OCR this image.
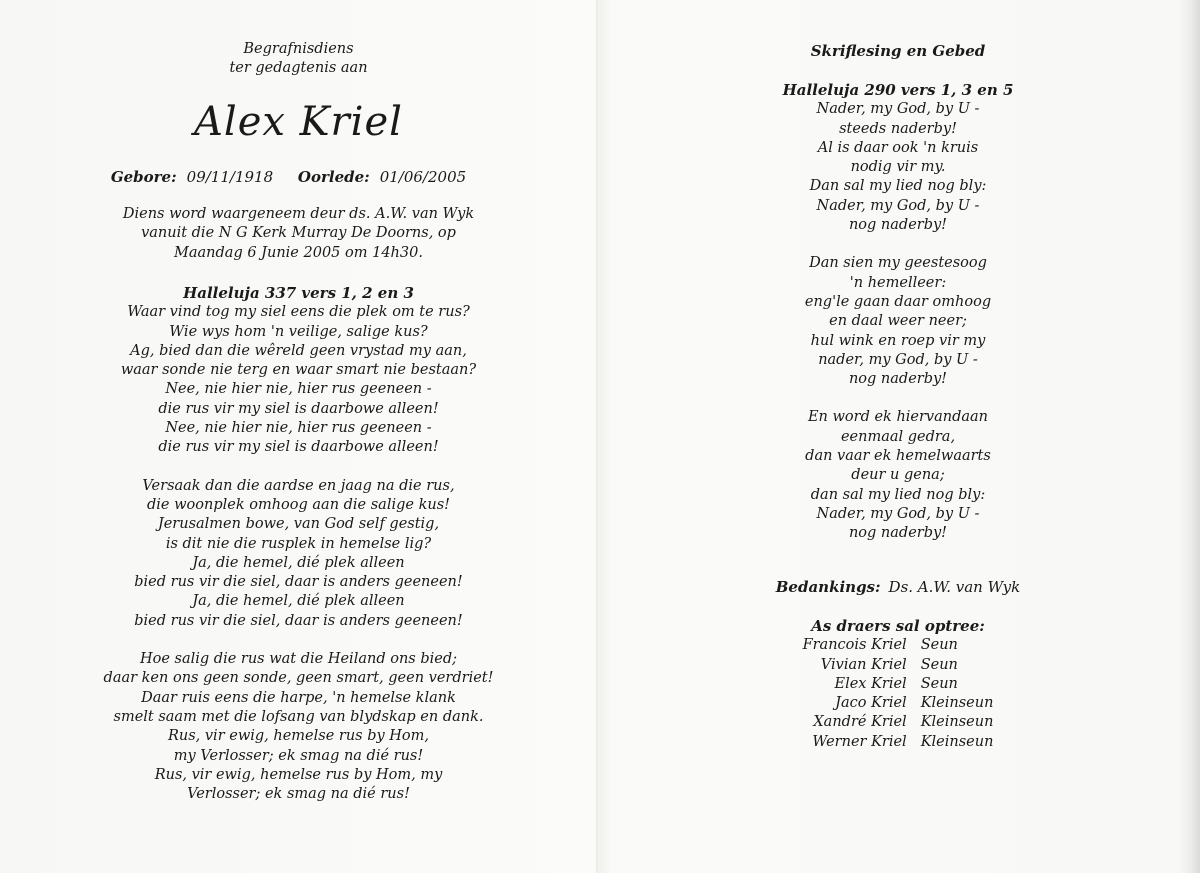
Begrafnisdiens
ter gedagtenis aan
Alex Kriel
Gebore: 09/11/1918 Oorlede: 01/06/2005
Diens word waargeneem deur ds. A.W. van Wyk
vanuit die N G Kerk Murray De Doorns, op
Maandag 6 Junie 2005 om 14h30.
Halleluja 337 vers 1, 2 en 3
Waar vind tog my siel eens die plek om te rus?
Wie wys hom 'n veilige, salige kus?
Ag, bied dan die wêreld geen vrystad my aan,
waar sonde nie terg en waar smart nie bestaan?
Nee, nie hier nie, hier rus geeneen -
die rus vir my siel is daarbowe alleen!
Nee, nie hier nie, hier rus geeneen -
die rus vir my siel is daarbowe alleen!
Versaak dan die aardse en jaag na die rus,
die woonplek omhoog aan die salige kus!
Jerusalmen bowe, van God self gestig,
is dit nie die rusplek in hemelse lig?
Ja, die hemel, dié plek alleen
bied rus vir die siel, daar is anders geeneen!
Ja, die hemel, dié plek alleen
bied rus vir die siel, daar is anders geeneen!
Hoe salig die rus wat die Heiland ons bied;
daar ken ons geen sonde, geen smart, geen verdriet!
Daar ruis eens die harpe, 'n hemelse klank
smelt saam met die lofsang van blydskap en dank.
Rus, vir ewig, hemelse rus by Hom,
my Verlosser; ek smag na dié rus!
Rus, vir ewig, hemelse rus by Hom, my
Verlosser; ek smag na dié rus!
Skriflesing en Gebed
Halleluja 290 vers 1, 3 en 5
Nader, my God, by U -
steeds naderby!
Al is daar ook 'n kruis
nodig vir my.
Dan sal my lied nog bly:
Nader, my God, by U -
nog naderby!
Dan sien my geestesoog
'n hemelleer:
eng'le gaan daar omhoog
en daal weer neer;
hul wink en roep vir my
nader, my God, by U -
nog naderby!
En word ek hiervandaan
eenmaal gedra,
dan vaar ek hemelwaarts
deur u gena;
dan sal my lied nog bly:
Nader, my God, by U -
nog naderby!
Bedankings: Ds. A.W. van Wyk
As draers sal optree:
Francois Kriel	Seun
Vivian Kriel	Seun
Elex Kriel	Seun
Jaco Kriel	Kleinseun
Xandré Kriel	Kleinseun
Werner Kriel	Kleinseun
